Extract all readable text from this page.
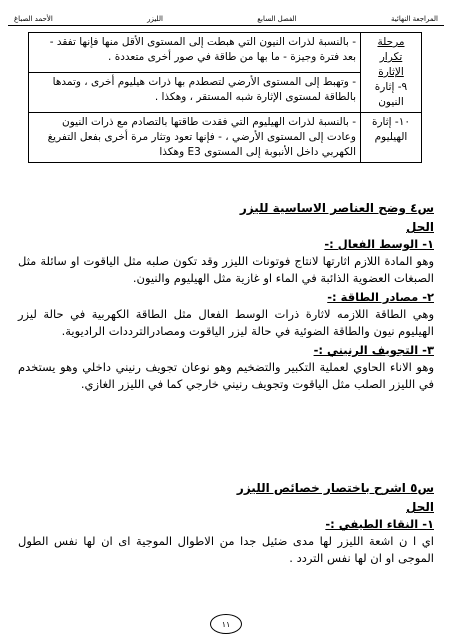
المراجعة النهائية
الفصل السابع
الليزر
الأحمد الصباغ
مرحلة تكرار
الإثارة
٩- إثارة
النيون	- بالنسبة لذرات النيون التي هبطت إلى المستوى الأقل منها فإنها تفقد - بعد فترة وجيزة - ما بها من طاقة في صور أخرى متعددة .

	- وتهبط إلى المستوى الأرضي لتصطدم بها ذرات هيليوم أخرى ، وتمدها بالطاقة لمستوى الإثارة شبه المستقر ، وهكذا .

١٠- إثارة
الهيليوم	- بالنسبة لذرات الهيليوم التي فقدت طاقتها بالتصادم مع ذرات النيون وعادت إلى المستوى الأرضي ، - فإنها تعود وتثار مرة أخرى بفعل التفريغ الكهربي داخل الأنبوبة إلى المستوى E3 وهكذا
س٤ وضح العناصر الاساسية لليزر
الحل
١- الوسط الفعال :-
وهو المادة اللازم اثارتها لانتاج فوتونات الليزر وقد تكون صلبه مثل الياقوت او سائلة مثل الصبغات العضوية الذائبة في الماء او غازية مثل الهيليوم والنيون.
٢- مصادر الطاقة :-
وهي الطاقة اللازمه لاثارة ذرات الوسط الفعال مثل الطاقة الكهربية في حالة ليزر الهيليوم نيون والطاقة الضوئية في حالة ليزر الياقوت ومصادرالترددات الراديوية.
٣- التجويف الرنيني :-
وهو الاناء الحاوي لعملية التكبير والتضخيم وهو نوعان تجويف رنيني داخلي وهو يستخدم في الليزر الصلب مثل الياقوت وتجويف رنيني خارجي كما في الليزر الغازي.
س٥ اشرح باختصار خصائص الليزر
الحل
١- النقاء الطيفي :-
اي ا ن اشعة الليزر لها مدى ضئيل جدا من الاطوال الموجية اى ان لها نفس الطول الموجى او ان لها نفس التردد .
١١
